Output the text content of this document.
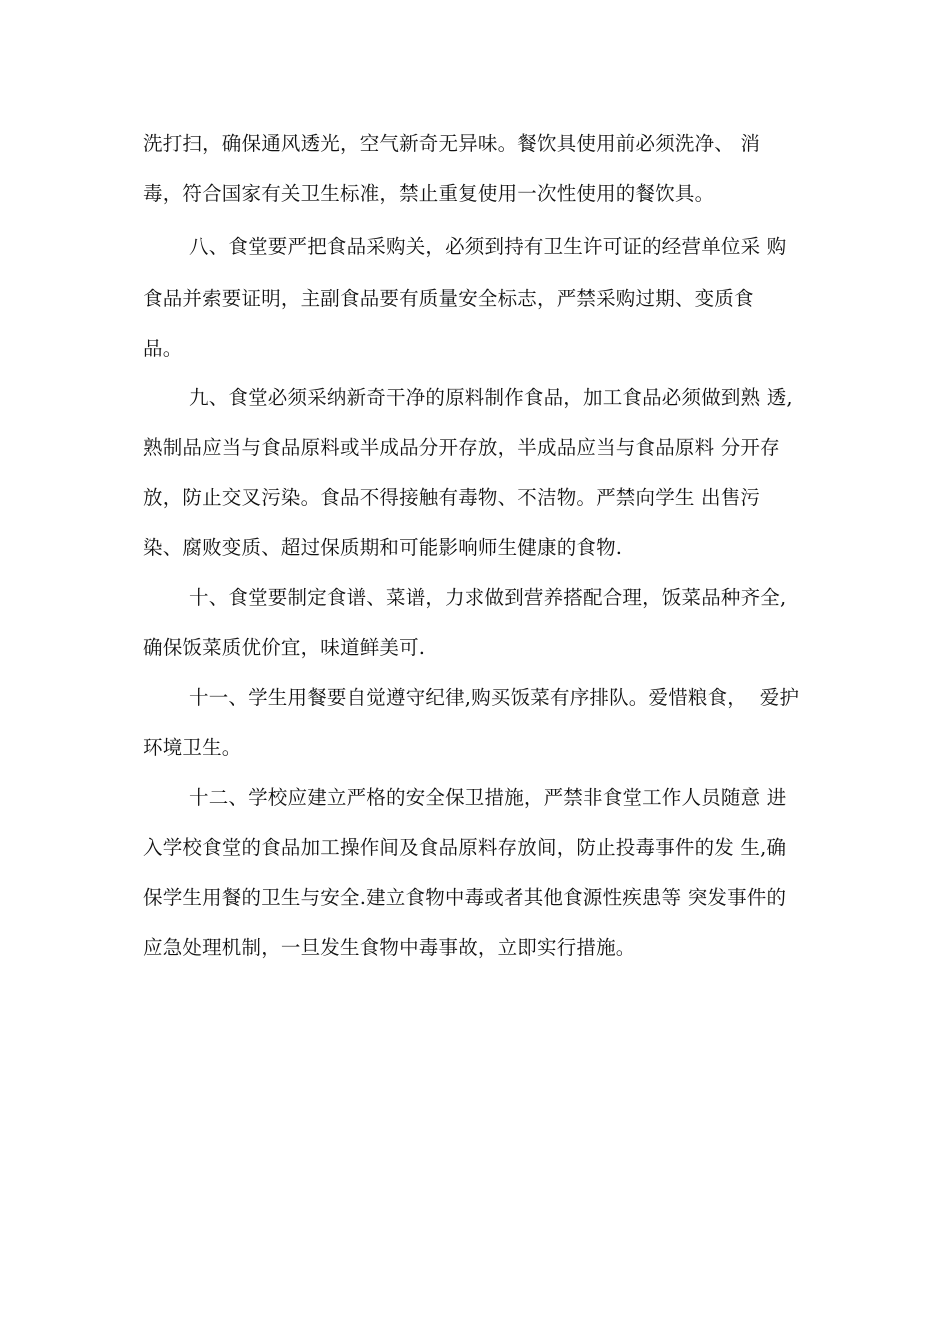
洗打扫，确保通风透光，空气新奇无异味。餐饮具使用前必须洗净、 消
毒，符合国家有关卫生标准，禁止重复使用一次性使用的餐饮具。
八、食堂要严把食品采购关，必须到持有卫生许可证的经营单位采 购
食品并索要证明，主副食品要有质量安全标志，严禁采购过期、变质食
品。
九、食堂必须采纳新奇干净的原料制作食品，加工食品必须做到熟 透,
熟制品应当与食品原料或半成品分开存放，半成品应当与食品原料 分开存
放，防止交叉污染。食品不得接触有毒物、不洁物。严禁向学生 出售污
染、腐败变质、超过保质期和可能影响师生健康的食物.
十、食堂要制定食谱、菜谱，力求做到营养搭配合理，饭菜品种齐全,
确保饭菜质优价宜，味道鲜美可.
十一、学生用餐要自觉遵守纪律,购买饭菜有序排队。爱惜粮食，  爱护
环境卫生。
十二、学校应建立严格的安全保卫措施，严禁非食堂工作人员随意 进
入学校食堂的食品加工操作间及食品原料存放间，防止投毒事件的发 生,确
保学生用餐的卫生与安全.建立食物中毒或者其他食源性疾患等 突发事件的
应急处理机制，一旦发生食物中毒事故，立即实行措施。
